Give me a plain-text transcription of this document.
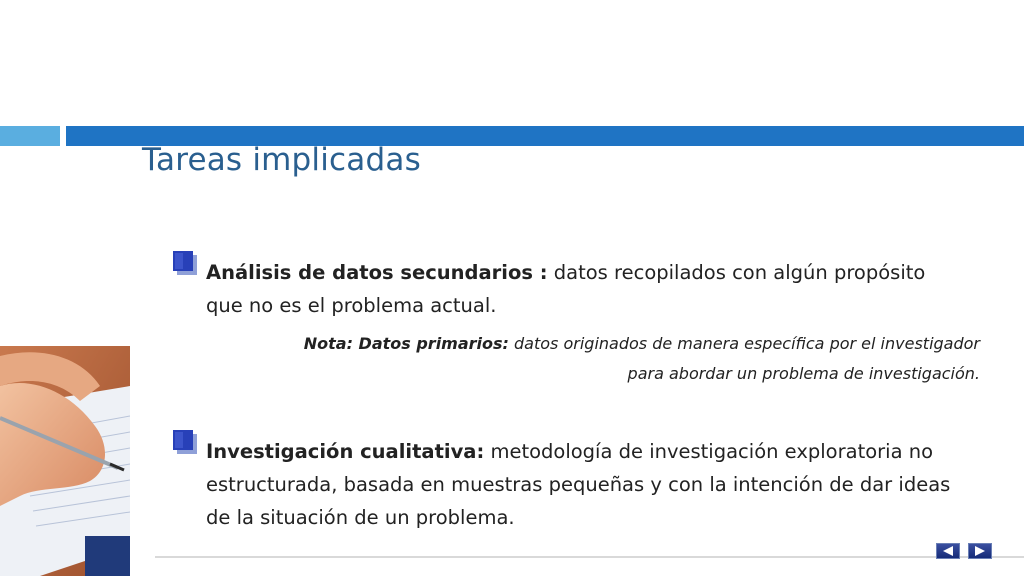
Tareas implicadas
Análisis de datos secundarios : datos recopilados con algún propósito que no es el problema actual.
Nota: Datos primarios: datos originados de manera específica por el investigador para abordar un problema de investigación.
Investigación cualitativa: metodología de investigación exploratoria no estructurada, basada en muestras pequeñas y con la intención de dar ideas de la situación de un problema.
